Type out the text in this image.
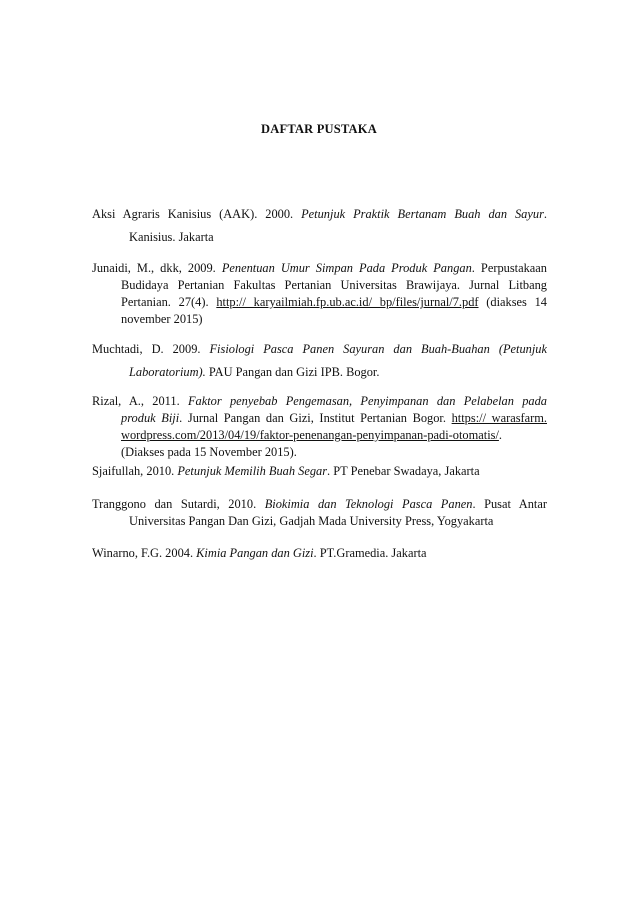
DAFTAR PUSTAKA
Aksi Agraris Kanisius (AAK). 2000. Petunjuk Praktik Bertanam Buah dan Sayur.
Kanisius. Jakarta
Junaidi, M., dkk, 2009. Penentuan Umur Simpan Pada Produk Pangan. Perpustakaan
Budidaya Pertanian Fakultas Pertanian Universitas Brawijaya. Jurnal Litbang
Pertanian. 27(4). http:// karyailmiah.fp.ub.ac.id/ bp/files/jurnal/7.pdf (diakses 14
november 2015)
Muchtadi, D. 2009. Fisiologi Pasca Panen Sayuran dan Buah-Buahan (Petunjuk
Laboratorium). PAU Pangan dan Gizi IPB. Bogor.
Rizal, A., 2011. Faktor penyebab Pengemasan, Penyimpanan dan Pelabelan pada
produk Biji. Jurnal Pangan dan Gizi, Institut Pertanian Bogor. https:// warasfarm.
wordpress.com/2013/04/19/faktor-penenangan-penyimpanan-padi-otomatis/.
(Diakses pada 15 November 2015).
Sjaifullah, 2010. Petunjuk Memilih Buah Segar. PT Penebar Swadaya, Jakarta
Tranggono dan Sutardi, 2010. Biokimia dan Teknologi Pasca Panen. Pusat Antar
Universitas Pangan Dan Gizi, Gadjah Mada University Press, Yogyakarta
Winarno, F.G. 2004. Kimia Pangan dan Gizi. PT.Gramedia. Jakarta
